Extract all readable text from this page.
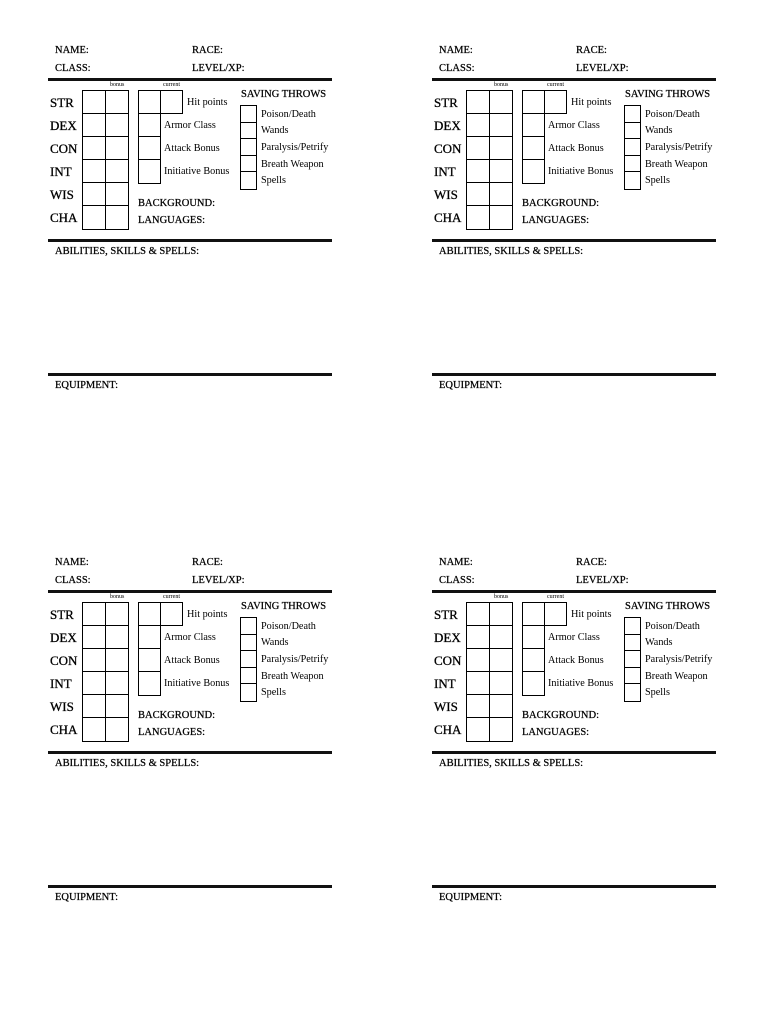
NAME:	RACE:
CLASS:	LEVEL/XP:
bonus	current
STR
DEX
CON
INT
WIS
CHA
Hit points
Armor Class
Attack Bonus
Initiative Bonus
SAVING THROWS
Poison/Death
Wands
Paralysis/Petrify
Breath Weapon
Spells
BACKGROUND:
LANGUAGES:
ABILITIES, SKILLS & SPELLS:
EQUIPMENT:
NAME:	RACE:
CLASS:	LEVEL/XP:
bonus	current
STR
DEX
CON
INT
WIS
CHA
Hit points
Armor Class
Attack Bonus
Initiative Bonus
SAVING THROWS
Poison/Death
Wands
Paralysis/Petrify
Breath Weapon
Spells
BACKGROUND:
LANGUAGES:
ABILITIES, SKILLS & SPELLS:
EQUIPMENT:
NAME:	RACE:
CLASS:	LEVEL/XP:
bonus	current
STR
DEX
CON
INT
WIS
CHA
Hit points
Armor Class
Attack Bonus
Initiative Bonus
SAVING THROWS
Poison/Death
Wands
Paralysis/Petrify
Breath Weapon
Spells
BACKGROUND:
LANGUAGES:
ABILITIES, SKILLS & SPELLS:
EQUIPMENT:
NAME:	RACE:
CLASS:	LEVEL/XP:
bonus	current
STR
DEX
CON
INT
WIS
CHA
Hit points
Armor Class
Attack Bonus
Initiative Bonus
SAVING THROWS
Poison/Death
Wands
Paralysis/Petrify
Breath Weapon
Spells
BACKGROUND:
LANGUAGES:
ABILITIES, SKILLS & SPELLS:
EQUIPMENT:
